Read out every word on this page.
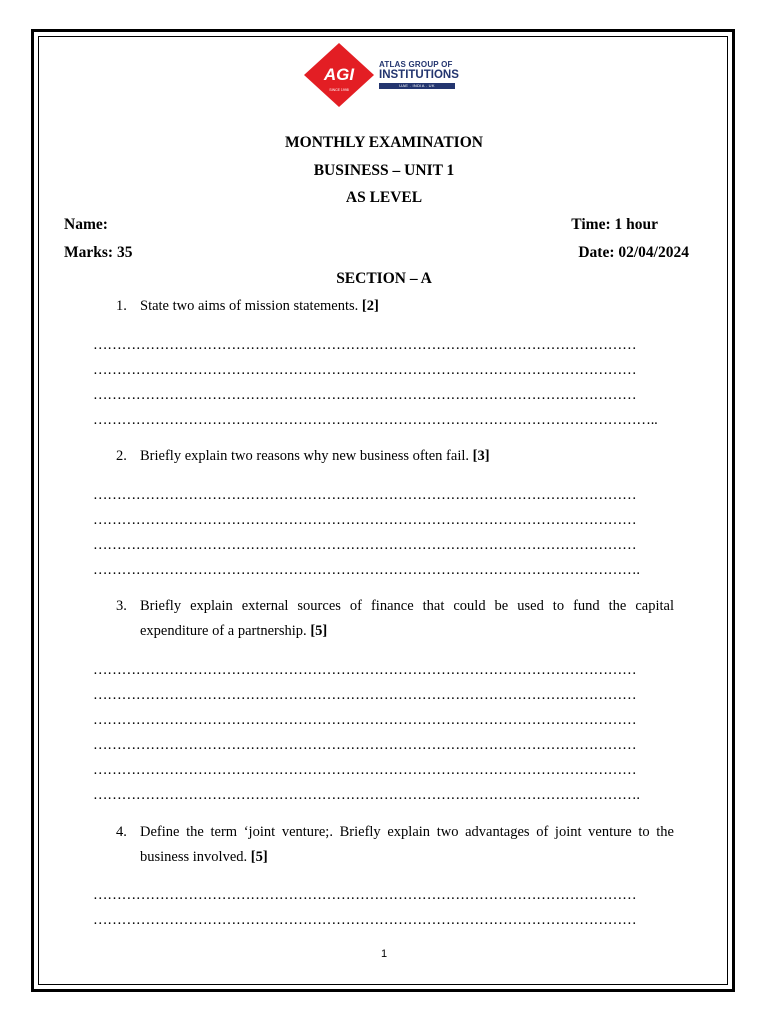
AGI
SINCE 1998
ATLAS GROUP OF
INSTITUTIONS
UAE . INDIA . UK
MONTHLY EXAMINATION
BUSINESS – UNIT 1
AS LEVEL
Name:	Time: 1 hour
Marks: 35	Date: 02/04/2024
SECTION – A
1. State two aims of mission statements. [2]
……………………………………………………………………………………………………
……………………………………………………………………………………………………
……………………………………………………………………………………………………
………………………………………………………………………………………………………..
2. Briefly explain two reasons why new business often fail. [3]
……………………………………………………………………………………………………
……………………………………………………………………………………………………
……………………………………………………………………………………………………
…………………………………………………………………………………………………….
3. Briefly explain external sources of finance that could be used to fund the capital expenditure of a partnership. [5]
……………………………………………………………………………………………………
……………………………………………………………………………………………………
……………………………………………………………………………………………………
……………………………………………………………………………………………………
……………………………………………………………………………………………………
…………………………………………………………………………………………………….
4. Define the term ‘joint venture;. Briefly explain two advantages of joint venture to the business involved. [5]
……………………………………………………………………………………………………
……………………………………………………………………………………………………
1
